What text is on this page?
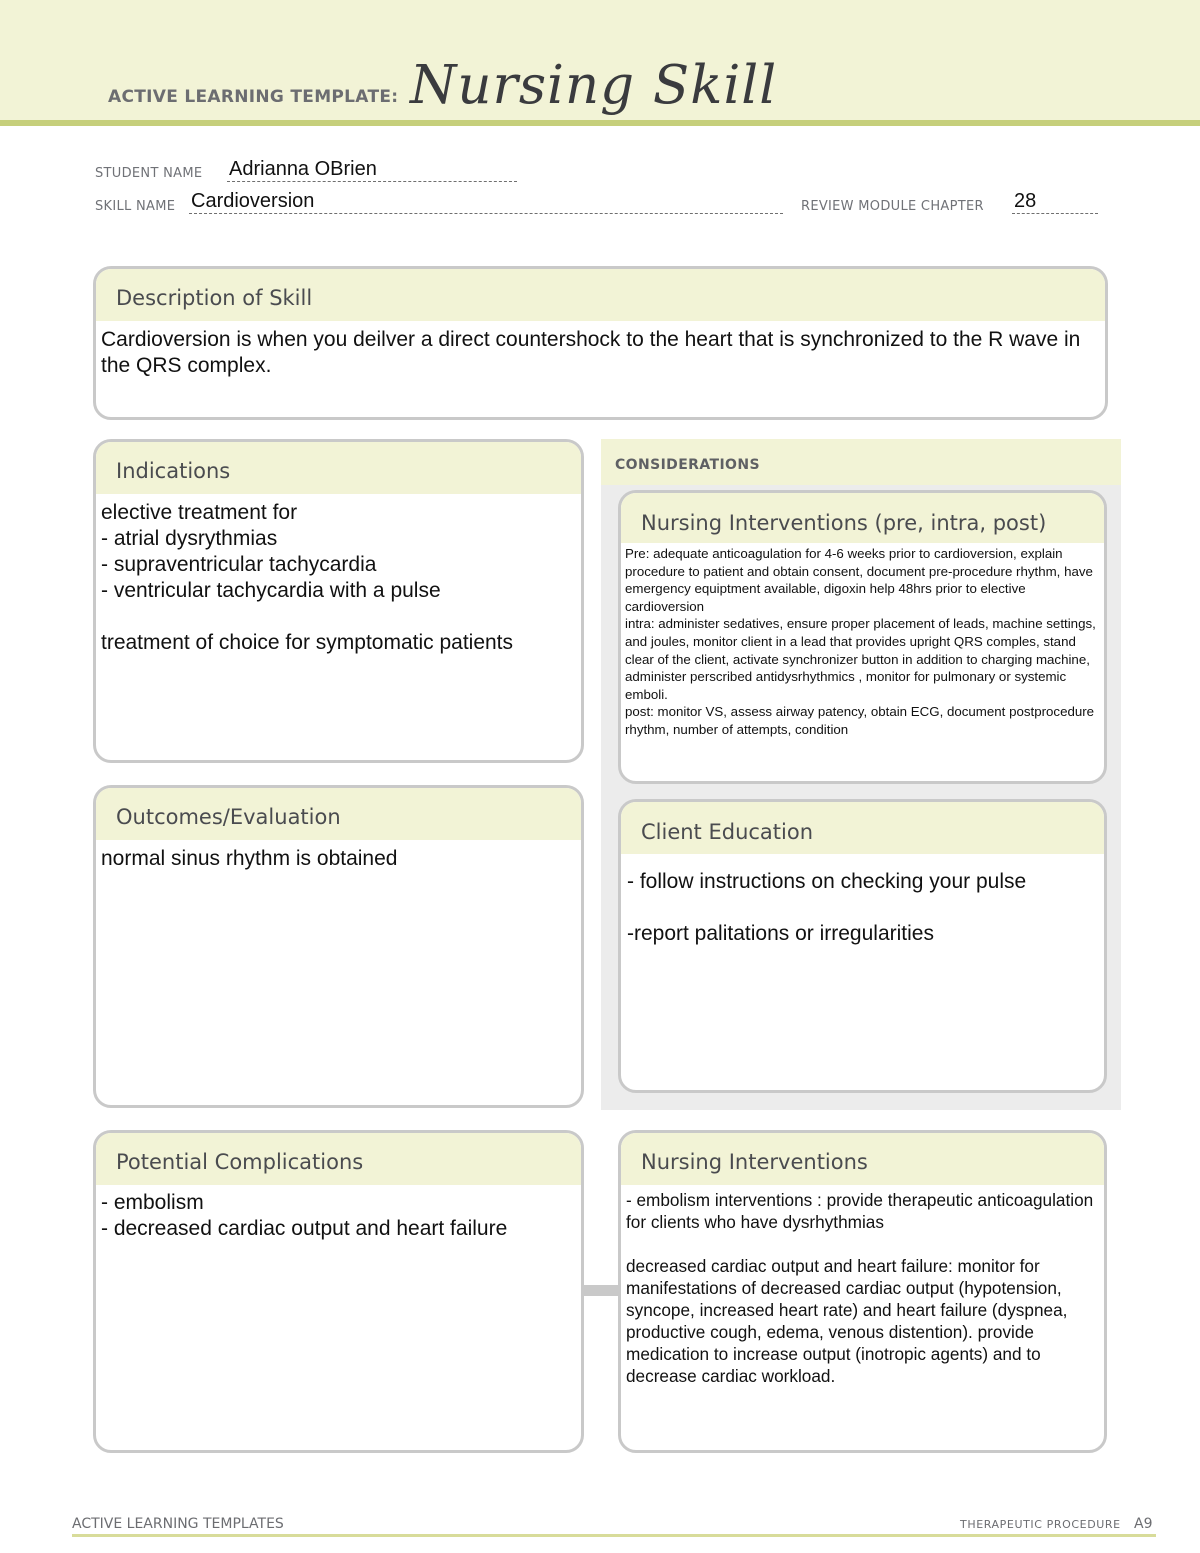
ACTIVE LEARNING TEMPLATE: Nursing Skill
STUDENT NAME Adrianna OBrien
SKILL NAME Cardioversion	REVIEW MODULE CHAPTER 28
Description of Skill
Cardioversion is when you deilver a direct countershock to the heart that is synchronized to the R wave in the QRS complex.
Indications
elective treatment for
- atrial dysrythmias
- supraventricular tachycardia
- ventricular tachycardia with a pulse

treatment of choice for symptomatic patients
Outcomes/Evaluation
normal sinus rhythm is obtained
CONSIDERATIONS
Nursing Interventions (pre, intra, post)
Pre: adequate anticoagulation for 4-6 weeks prior to cardioversion, explain procedure to patient and obtain consent, document pre-procedure rhythm, have emergency equiptment available, digoxin help 48hrs prior to elective cardioversion
intra: administer sedatives, ensure proper placement of leads, machine settings, and joules, monitor client in a lead that provides upright QRS comples, stand clear of the client, activate synchronizer button in addition to charging machine, administer perscribed antidysrhythmics , monitor for pulmonary or systemic emboli.
post: monitor VS, assess airway patency, obtain ECG, document postprocedure rhythm, number of attempts, condition
Client Education
- follow instructions on checking your pulse

-report palitations or irregularities
Potential Complications
- embolism
- decreased cardiac output and heart failure
Nursing Interventions
- embolism interventions : provide therapeutic anticoagulation for clients who have dysrhythmias

decreased cardiac output and heart failure: monitor for manifestations of decreased cardiac output (hypotension, syncope, increased heart rate) and heart failure (dyspnea, productive cough, edema, venous distention). provide medication to increase output (inotropic agents) and to decrease cardiac workload.
ACTIVE LEARNING TEMPLATES	THERAPEUTIC PROCEDURE A9
